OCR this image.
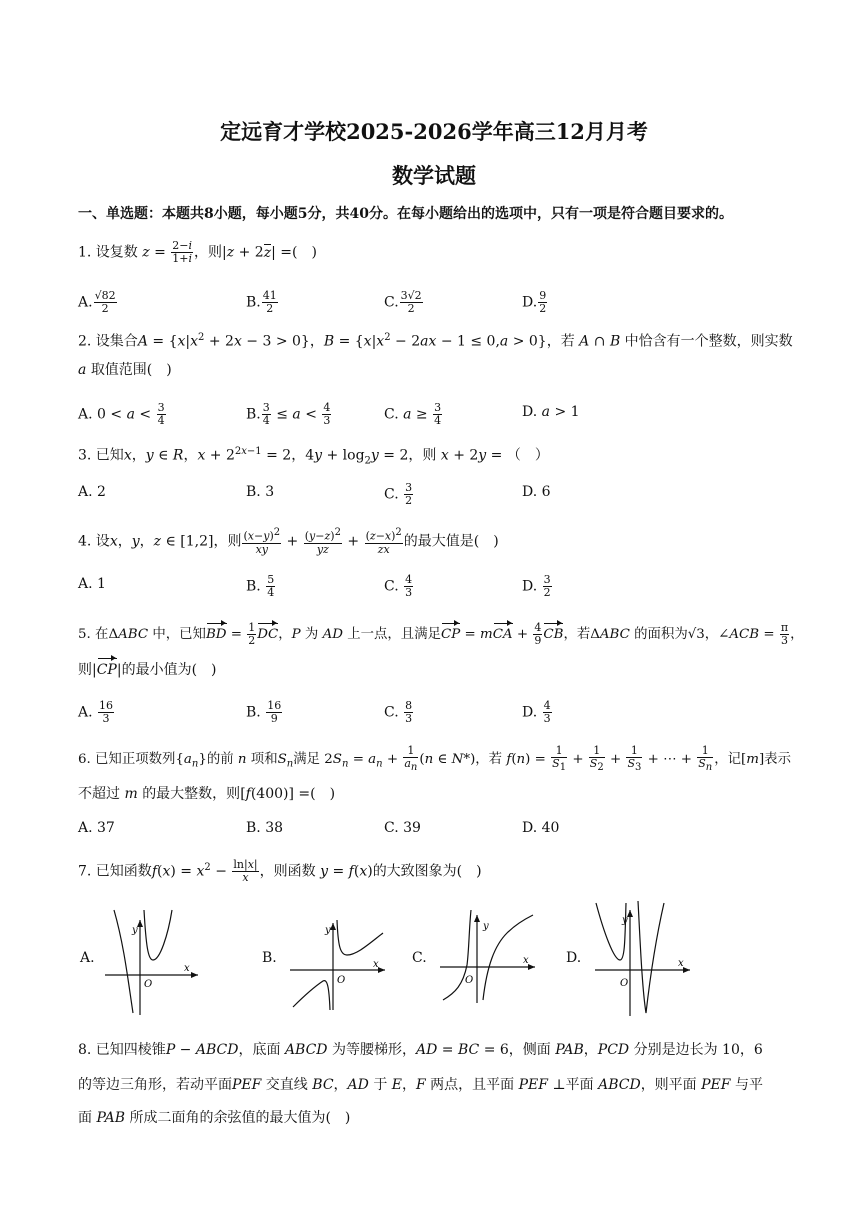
定远育才学校2025-2026学年高三12月月考
数学试题
一、单选题：本题共8小题，每小题5分，共40分。在每小题给出的选项中，只有一项是符合题目要求的。
1. 设复数 $z = \frac{2-i}{1+i}$ ，则|z + 2z| =(　)
A. $\frac{√82}{2}$	B. $\frac{41}{2}$	C. $\frac{3√2}{2}$	D. $\frac{9}{2}$
2. 设集合$A = \{x|x^2 + 2x - 3 > 0\}$，$B = \{x|x^2 - 2ax - 1 \le 0,a > 0\}$，若 A ∩ B 中恰含有一个整数，则实数
a 取值范围(　)
A. $0 < a < \frac{3}{4}$	B. $\frac{3}{4} \le a < \frac{4}{3}$	C. $a \ge \frac{3}{4}$	D. a > 1
3. 已知x，y ∈ R，$x + 2^{2x-1} = 2$，$4y + \log_2y = 2$，则 x + 2y = （　）
A. 2	B. 3	C. $\frac{3}{2}$	D. 6
4. 设x，y，z ∈ [1,2]，则 $\frac{(x-y)^2}{xy} + \frac{(y-z)^2}{yz} + \frac{(z-x)^2}{zx}$ 的最大值是(　)
A. 1	B. $\frac{5}{4}$	C. $\frac{4}{3}$	D. $\frac{3}{2}$
5. 在ΔABC 中，已知BD = $\frac{1}{2}$ DC，P 为 AD 上一点，且满足CP = mCA + $\frac{4}{9}$ CB，若ΔABC 的面积为√3，∠ACB = $\frac{\pi}{3}$ ，
则|CP|的最小值为(　)
A. $\frac{16}{3}$	B. $\frac{16}{9}$	C. $\frac{8}{3}$	D. $\frac{4}{3}$
6. 已知正项数列$\{a_n\}$的前 n 项和$S_n$满足 $2S_n = a_n + \frac{1}{a_n} (n$ ∈ N*)，若 $f(n) = \frac{1}{S_1} + \frac{1}{S_2} + \frac{1}{S_3}$ + ⋯ + $\frac{1}{S_n}$ ，记[m]表示
不超过 m 的最大整数，则[f(400)] =(　)
A. 37	B. 38	C. 39	D. 40
7. 已知函数$f(x) = x^2 - \frac{\ln|x|}{x}$ ，则函数 y = f(x)的大致图象为(　)
A.
y
x
O
B.
y
x
O
C.
y
x
O
D.
y
x
O
8. 已知四棱锥P − ABCD，底面 ABCD 为等腰梯形，AD = BC = 6，侧面 PAB，PCD 分别是边长为 10，6
的等边三角形，若动平面PEF 交直线 BC，AD 于 E，F 两点，且平面 PEF ⊥平面 ABCD，则平面 PEF 与平
面 PAB 所成二面角的余弦值的最大值为(　)
